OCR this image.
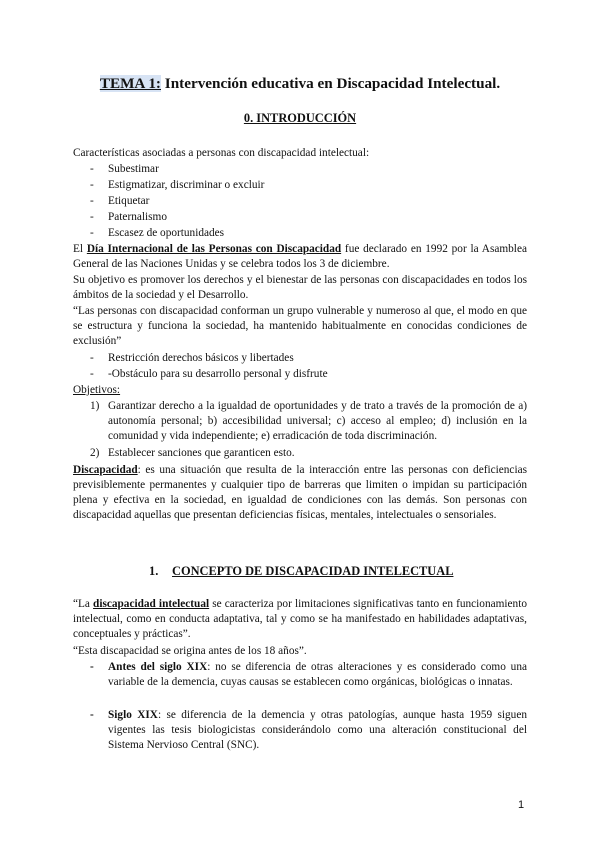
TEMA 1: Intervención educativa en Discapacidad Intelectual.
0. INTRODUCCIÓN
Características asociadas a personas con discapacidad intelectual:
- Subestimar
- Estigmatizar, discriminar o excluir
- Etiquetar
- Paternalismo
- Escasez de oportunidades
El Día Internacional de las Personas con Discapacidad fue declarado en 1992 por la Asamblea General de las Naciones Unidas y se celebra todos los 3 de diciembre.
Su objetivo es promover los derechos y el bienestar de las personas con discapacidades en todos los ámbitos de la sociedad y el Desarrollo.
“Las personas con discapacidad conforman un grupo vulnerable y numeroso al que, el modo en que se estructura y funciona la sociedad, ha mantenido habitualmente en conocidas condiciones de exclusión”
- Restricción derechos básicos y libertades
- -Obstáculo para su desarrollo personal y disfrute
Objetivos:
1) Garantizar derecho a la igualdad de oportunidades y de trato a través de la promoción de a) autonomía personal; b) accesibilidad universal; c) acceso al empleo; d) inclusión en la comunidad y vida independiente; e) erradicación de toda discriminación.
2) Establecer sanciones que garanticen esto.
Discapacidad: es una situación que resulta de la interacción entre las personas con deficiencias previsiblemente permanentes y cualquier tipo de barreras que limiten o impidan su participación plena y efectiva en la sociedad, en igualdad de condiciones con las demás. Son personas con discapacidad aquellas que presentan deficiencias físicas, mentales, intelectuales o sensoriales.
1. CONCEPTO DE DISCAPACIDAD INTELECTUAL
“La discapacidad intelectual se caracteriza por limitaciones significativas tanto en funcionamiento intelectual, como en conducta adaptativa, tal y como se ha manifestado en habilidades adaptativas, conceptuales y prácticas”.
“Esta discapacidad se origina antes de los 18 años”.
- Antes del siglo XIX: no se diferencia de otras alteraciones y es considerado como una variable de la demencia, cuyas causas se establecen como orgánicas, biológicas o innatas.
- Siglo XIX: se diferencia de la demencia y otras patologías, aunque hasta 1959 siguen vigentes las tesis biologicistas considerándolo como una alteración constitucional del Sistema Nervioso Central (SNC).
1
